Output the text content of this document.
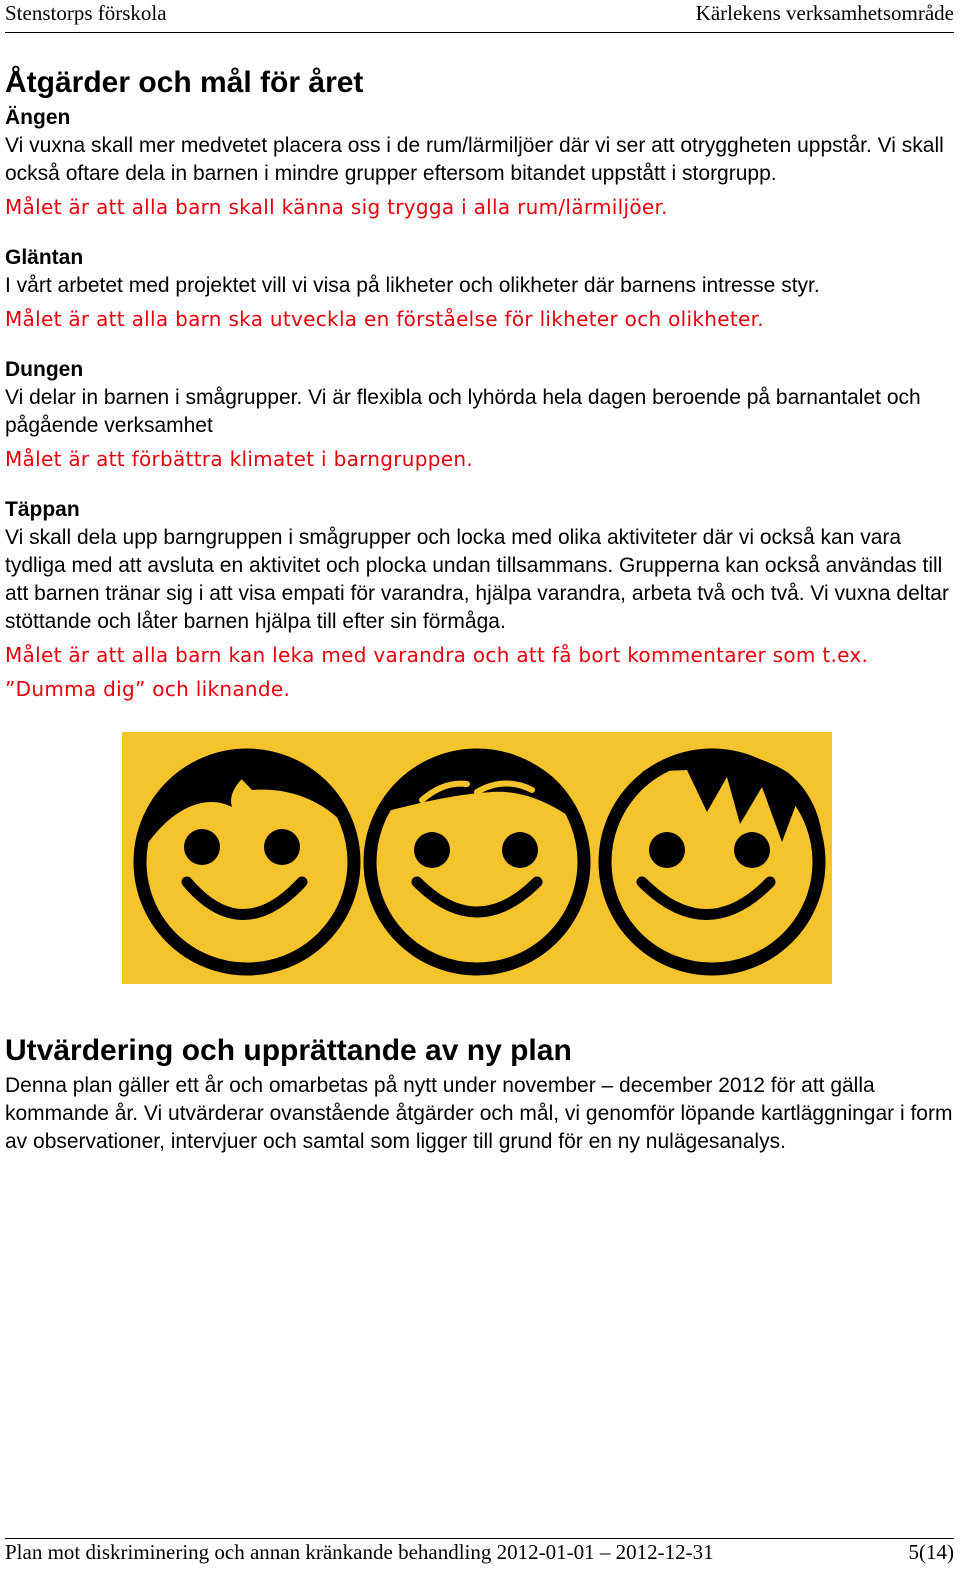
Stenstorps förskola	Kärlekens verksamhetsområde
Åtgärder och mål för året
Ängen

Vi vuxna skall mer medvetet placera oss i de rum/lärmiljöer där vi ser att otryggheten uppstår. Vi skall också oftare dela in barnen i mindre grupper eftersom bitandet uppstått i storgrupp.

Målet är att alla barn skall känna sig trygga i alla rum/lärmiljöer.

Gläntan

I vårt arbetet med projektet vill vi visa på likheter och olikheter där barnens intresse styr.

Målet är att alla barn ska utveckla en förståelse för likheter och olikheter.

Dungen

Vi delar in barnen i smågrupper. Vi är flexibla och lyhörda hela dagen beroende på barnantalet och pågående verksamhet

Målet är att förbättra klimatet i barngruppen.

Täppan

Vi skall dela upp barngruppen i smågrupper och locka med olika aktiviteter där vi också kan vara tydliga med att avsluta en aktivitet och plocka undan tillsammans. Grupperna kan också användas till att barnen tränar sig i att visa empati för varandra, hjälpa varandra, arbeta två och två. Vi vuxna deltar stöttande och låter barnen hjälpa till efter sin förmåga.

Målet är att alla barn kan leka med varandra och att få bort kommentarer som t.ex. ”Dumma dig” och liknande.

Utvärdering och upprättande av ny plan

Denna plan gäller ett år och omarbetas på nytt under november – december 2012 för att gälla kommande år. Vi utvärderar ovanstående åtgärder och mål, vi genomför löpande kartläggningar i form av observationer, intervjuer och samtal som ligger till grund för en ny nulägesanalys.

Plan mot diskriminering och annan kränkande behandling 2012-01-01 – 2012-12-31	5(14)
